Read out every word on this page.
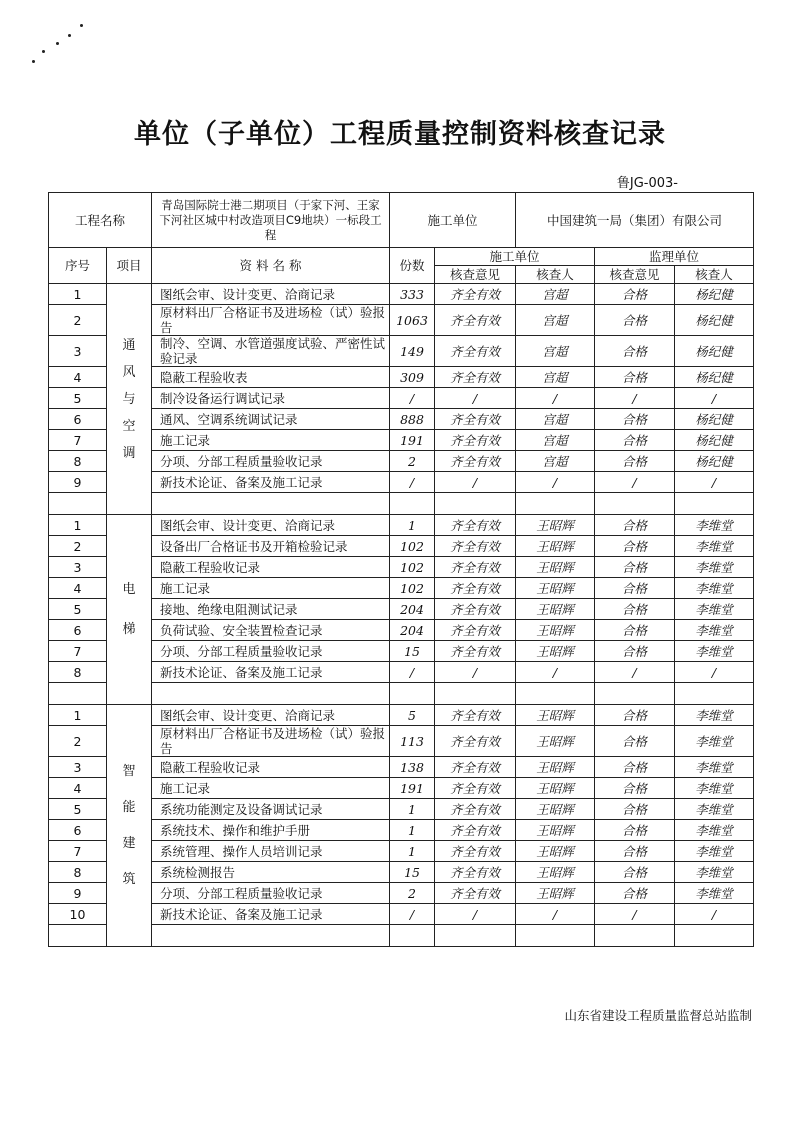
单位（子单位）工程质量控制资料核查记录
鲁JG-003-
工程名称		青岛国际院士港二期项目（于家下河、王家下河社区城中村改造项目C9地块）一标段工程	施工单位		中国建筑一局（集团）有限公司		
序号	项目	资 料 名 称	份数	施工单位		监理单位	
				核查意见	核查人	核查意见	核查人
1	通风与空调	图纸会审、设计变更、洽商记录	333	齐全有效	宫超	合格	杨纪健
2		原材料出厂合格证书及进场检（试）验报告	1063	齐全有效	宫超	合格	杨纪健
3		制冷、空调、水管道强度试验、严密性试验记录	149	齐全有效	宫超	合格	杨纪健
4		隐蔽工程验收表	309	齐全有效	宫超	合格	杨纪健
5		制冷设备运行调试记录	/	/	/	/	/
6		通风、空调系统调试记录	888	齐全有效	宫超	合格	杨纪健
7		施工记录	191	齐全有效	宫超	合格	杨纪健
8		分项、分部工程质量验收记录	2	齐全有效	宫超	合格	杨纪健
9		新技术论证、备案及施工记录	/	/	/	/	/

1	电梯	图纸会审、设计变更、洽商记录	1	齐全有效	王昭辉	合格	李维堂
2		设备出厂合格证书及开箱检验记录	102	齐全有效	王昭辉	合格	李维堂
3		隐蔽工程验收记录	102	齐全有效	王昭辉	合格	李维堂
4		施工记录	102	齐全有效	王昭辉	合格	李维堂
5		接地、绝缘电阻测试记录	204	齐全有效	王昭辉	合格	李维堂
6		负荷试验、安全装置检查记录	204	齐全有效	王昭辉	合格	李维堂
7		分项、分部工程质量验收记录	15	齐全有效	王昭辉	合格	李维堂
8		新技术论证、备案及施工记录	/	/	/	/	/

1	智能建筑	图纸会审、设计变更、洽商记录	5	齐全有效	王昭辉	合格	李维堂
2		原材料出厂合格证书及进场检（试）验报告	113	齐全有效	王昭辉	合格	李维堂
3		隐蔽工程验收记录	138	齐全有效	王昭辉	合格	李维堂
4		施工记录	191	齐全有效	王昭辉	合格	李维堂
5		系统功能测定及设备调试记录	1	齐全有效	王昭辉	合格	李维堂
6		系统技术、操作和维护手册	1	齐全有效	王昭辉	合格	李维堂
7		系统管理、操作人员培训记录	1	齐全有效	王昭辉	合格	李维堂
8		系统检测报告	15	齐全有效	王昭辉	合格	李维堂
9		分项、分部工程质量验收记录	2	齐全有效	王昭辉	合格	李维堂
10		新技术论证、备案及施工记录	/	/	/	/	/

山东省建设工程质量监督总站监制
